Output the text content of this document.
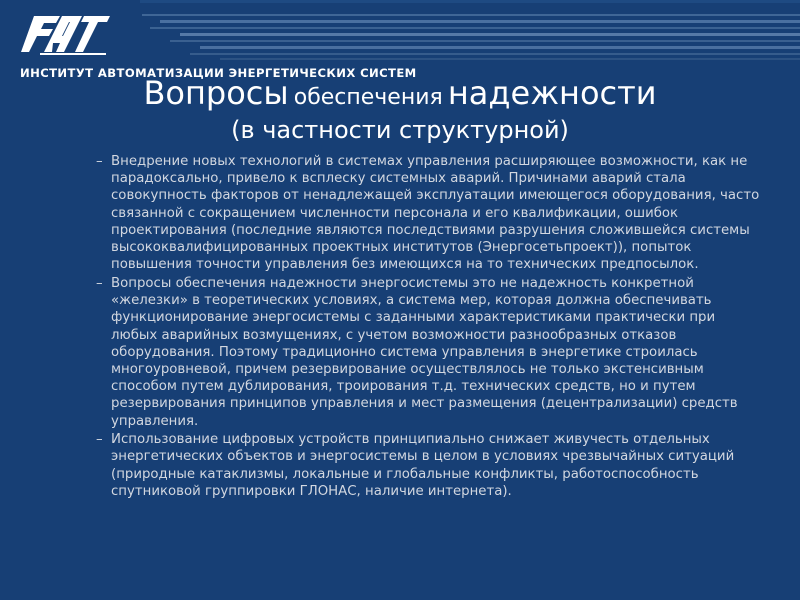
ИНСТИТУТ АВТОМАТИЗАЦИИ ЭНЕРГЕТИЧЕСКИХ СИСТЕМ
Вопросы обеспечения надежности
(в частности структурной)
– Внедрение новых технологий в системах управления расширяющее возможности, как не парадоксально, привело к всплеску системных аварий. Причинами аварий стала совокупность факторов от ненадлежащей эксплуатации имеющегося оборудования, часто связанной с сокращением численности персонала и его квалификации, ошибок проектирования (последние являются последствиями разрушения сложившейся системы высококвалифицированных проектных институтов (Энергосетьпроект)), попыток повышения точности управления без имеющихся на то технических предпосылок.
– Вопросы обеспечения надежности энергосистемы это не надежность конкретной «железки» в теоретических условиях, а система мер, которая должна обеспечивать функционирование энергосистемы с заданными характеристиками практически при любых аварийных возмущениях, с учетом возможности разнообразных отказов оборудования. Поэтому традиционно система управления в энергетике строилась многоуровневой, причем резервирование осуществлялось не только экстенсивным способом путем дублирования, троирования т.д. технических средств, но и путем резервирования принципов управления и мест размещения (децентрализации) средств управления.
– Использование цифровых устройств принципиально снижает живучесть отдельных энергетических объектов и энергосистемы в целом в условиях чрезвычайных ситуаций (природные катаклизмы, локальные и глобальные конфликты, работоспособность спутниковой группировки ГЛОНАС, наличие интернета).
